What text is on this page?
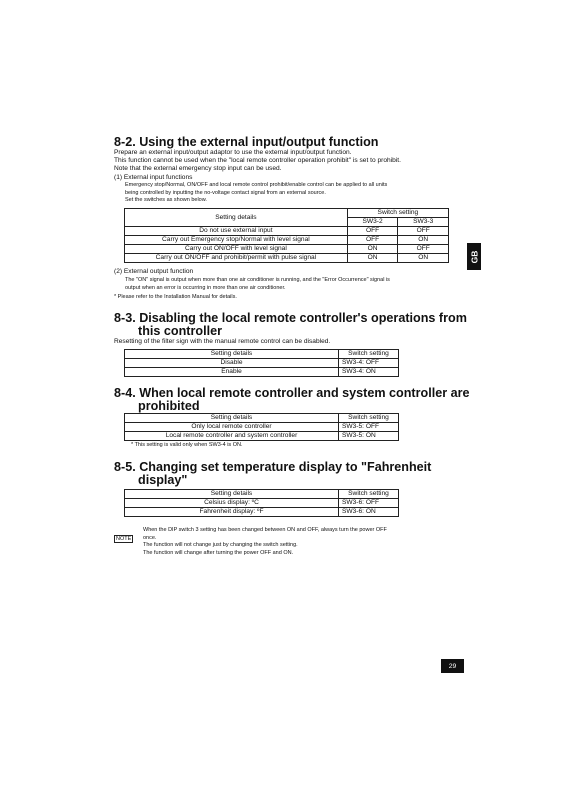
GB
8-2. Using the external input/output function
Prepare an external input/output adaptor to use the external input/output function.
This function cannot be used when the "local remote controller operation prohibit" is set to prohibit.
Note that the external emergency stop input can be used.
(1) External input functions
Emergency stop/Normal, ON/OFF and local remote control prohibit/enable control can be applied to all units
being controlled by inputting the no-voltage contact signal from an external source.
Set the switches as shown below.
Setting details	Switch setting	
	SW3-2	SW3-3
Do not use external input	OFF	OFF
Carry out Emergency stop/Normal with level signal	OFF	ON
Carry out ON/OFF with level signal	ON	OFF
Carry out ON/OFF and prohibit/permit with pulse signal	ON	ON
(2) External output function
The "ON" signal is output when more than one air conditioner is running, and the "Error Occurrence" signal is
output when an error is occurring in more than one air conditioner.
* Please refer to the Installation Manual for details.
8-3. Disabling the local remote controller's operations from
this controller
Resetting of the filter sign with the manual remote control can be disabled.
Setting details	Switch setting
Disable	SW3-4: OFF
Enable	SW3-4: ON
8-4. When local remote controller and system controller are
prohibited
Setting details	Switch setting
Only local remote controller	SW3-5: OFF
Local remote controller and system controller	SW3-5: ON
* This setting is valid only when SW3-4 is ON.
8-5. Changing set temperature display to "Fahrenheit
display"
Setting details	Switch setting
Celsius display: ºC	SW3-6: OFF
Fahrenheit display: ºF	SW3-6: ON
NOTE
When the DIP switch 3 setting has been changed between ON and OFF, always turn the power OFF
once.
The function will not change just by changing the switch setting.
The function will change after turning the power OFF and ON.
29
